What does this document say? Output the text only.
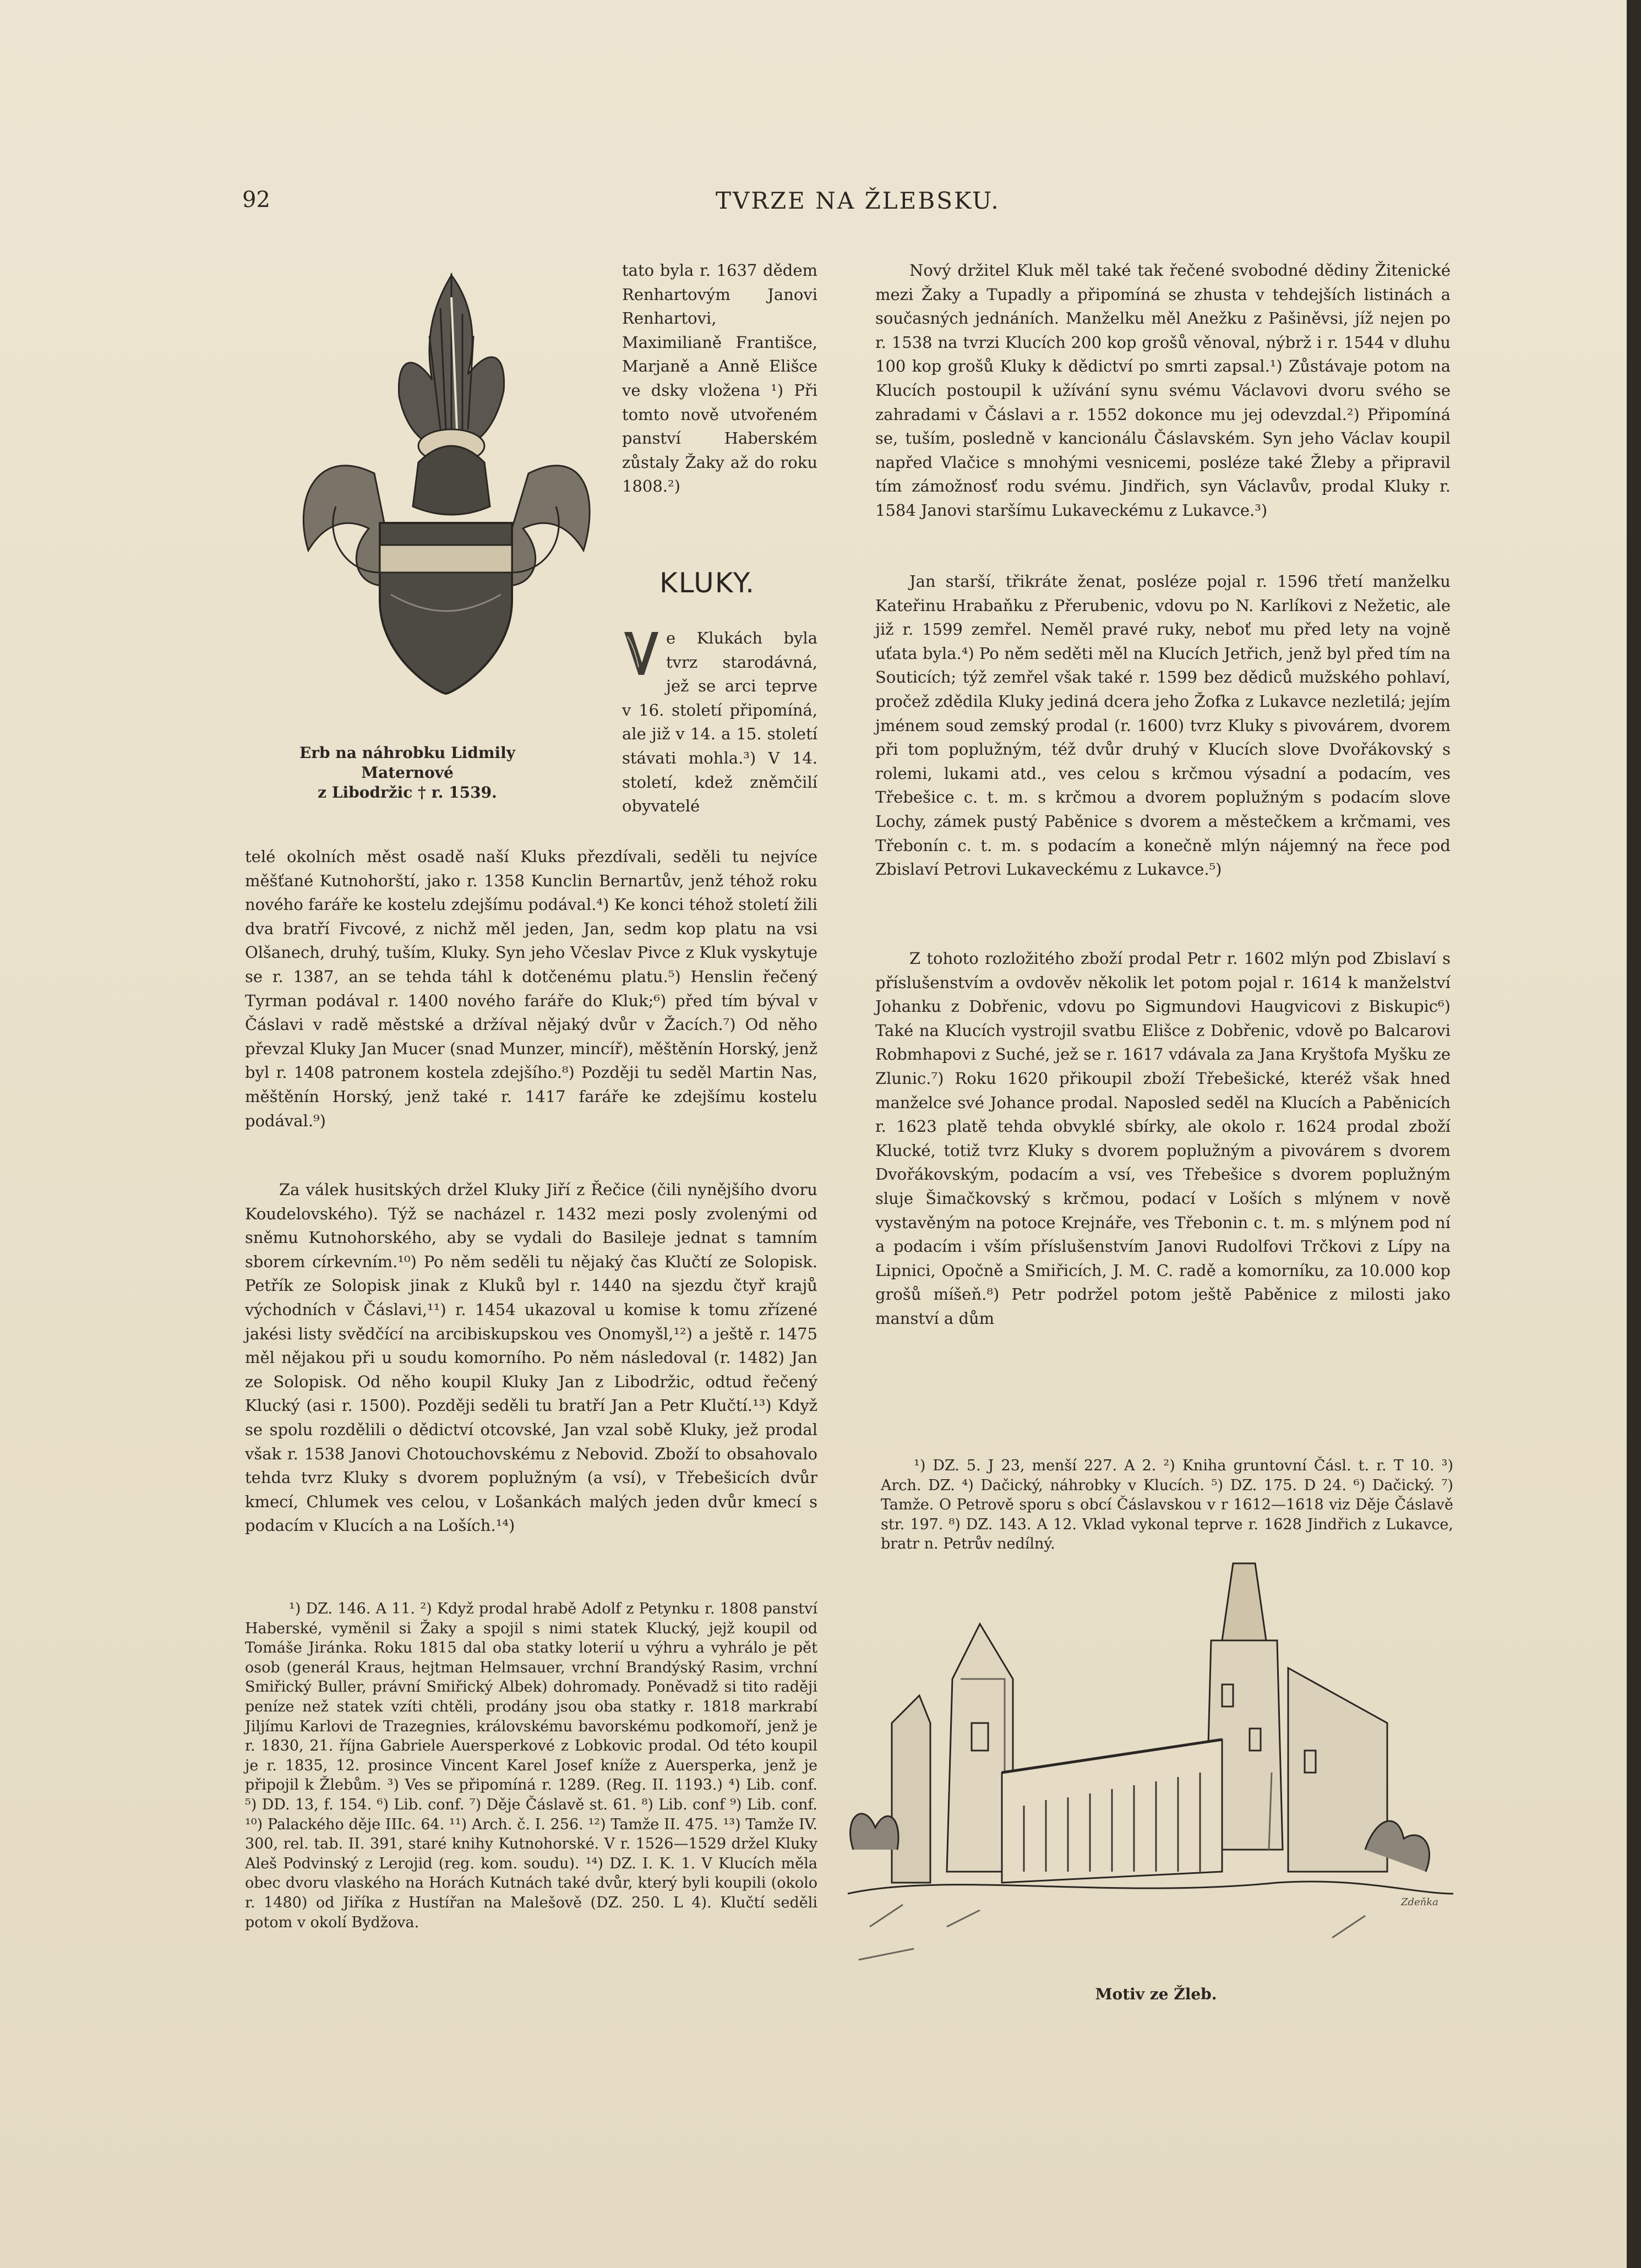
92	TVRZE NA ŽLEBSKU.
Erb na náhrobku Lidmily Maternové
z Libodržic † r. 1539.

tato byla r. 1637 dědem Renhartovým Janovi Renhartovi, Maximilianě Františce, Marjaně a Anně Elišce ve dsky vložena ¹) Při tomto nově utvořeném panství Haberském zůstaly Žaky až do roku 1808.²)

KLUKY.
e Klukách byla tvrz starodávná, jež se arci teprve v 16. století připomíná, ale již v 14. a 15. století stávati mohla.³) V 14. století, kdež zněmčilí obyvatelé

telé okolních měst osadě naší Kluks přezdívali, seděli tu nejvíce měšťané Kutnohorští, jako r. 1358 Kunclin Bernartův, jenž téhož roku nového faráře ke kostelu zdejšímu podával.⁴) Ke konci téhož století žili dva bratří Fivcové, z nichž měl jeden, Jan, sedm kop platu na vsi Olšanech, druhý, tuším, Kluky. Syn jeho Včeslav Pivce z Kluk vyskytuje se r. 1387, an se tehda táhl k dotčenému platu.⁵) Henslin řečený Tyrman podával r. 1400 nového faráře do Kluk;⁶) před tím býval v Čáslavi v radě městské a držíval nějaký dvůr v Žacích.⁷) Od něho převzal Kluky Jan Mucer (snad Munzer, mincíř), měštěnín Horský, jenž byl r. 1408 patronem kostela zdejšího.⁸) Později tu seděl Martin Nas, měštěnín Horský, jenž také r. 1417 faráře ke zdejšímu kostelu podával.⁹)

Za válek husitských držel Kluky Jiří z Řečice (čili nynějšího dvoru Koudelovského). Týž se nacházel r. 1432 mezi posly zvolenými od sněmu Kutnohorského, aby se vydali do Basileje jednat s tamním sborem církevním.¹⁰) Po něm seděli tu nějaký čas Klučtí ze Solopisk. Petřík ze Solopisk jinak z Kluků byl r. 1440 na sjezdu čtyř krajů východních v Čáslavi,¹¹) r. 1454 ukazoval u komise k tomu zřízené jakési listy svědčící na arcibiskupskou ves Onomyšl,¹²) a ještě r. 1475 měl nějakou při u soudu komorního. Po něm následoval (r. 1482) Jan ze Solopisk. Od něho koupil Kluky Jan z Libodržic, odtud řečený Klucký (asi r. 1500). Později seděli tu bratří Jan a Petr Klučtí.¹³) Když se spolu rozdělili o dědictví otcovské, Jan vzal sobě Kluky, jež prodal však r. 1538 Janovi Chotouchovskému z Nebovid. Zboží to obsahovalo tehda tvrz Kluky s dvorem poplužným (a vsí), v Třebešicích dvůr kmecí, Chlumek ves celou, v Lošankách malých jeden dvůr kmecí s podacím v Klucích a na Loších.¹⁴)

¹) DZ. 146. A 11. ²) Když prodal hrabě Adolf z Petynku r. 1808 panství Haberské, vyměnil si Žaky a spojil s nimi statek Klucký, jejž koupil od Tomáše Jiránka. Roku 1815 dal oba statky loterií u výhru a vyhrálo je pět osob (generál Kraus, hejtman Helmsauer, vrchní Brandýský Rasim, vrchní Smiřický Buller, právní Smiřický Albek) dohromady. Poněvadž si tito raději peníze než statek vzíti chtěli, prodány jsou oba statky r. 1818 markrabí Jiljímu Karlovi de Trazegnies, královskému bavorskému podkomoří, jenž je r. 1830, 21. října Gabriele Auersperkové z Lobkovic prodal. Od této koupil je r. 1835, 12. prosince Vincent Karel Josef kníže z Auersperka, jenž je připojil k Žlebům. ³) Ves se připomíná r. 1289. (Reg. II. 1193.) ⁴) Lib. conf. ⁵) DD. 13, f. 154. ⁶) Lib. conf. ⁷) Děje Čáslavě st. 61. ⁸) Lib. conf ⁹) Lib. conf. ¹⁰) Palackého děje IIIc. 64. ¹¹) Arch. č. I. 256. ¹²) Tamže II. 475. ¹³) Tamže IV. 300, rel. tab. II. 391, staré knihy Kutnohorské. V r. 1526—1529 držel Kluky Aleš Podvinský z Lerojid (reg. kom. soudu). ¹⁴) DZ. I. K. 1. V Klucích měla obec dvoru vlaského na Horách Kutnách také dvůr, který byli koupili (okolo r. 1480) od Jiříka z Hustířan na Malešově (DZ. 250. L 4). Klučtí seděli potom v okolí Bydžova.

Nový držitel Kluk měl také tak řečené svobodné dědiny Žitenické mezi Žaky a Tupadly a připomíná se zhusta v tehdejších listinách a současných jednáních. Manželku měl Anežku z Pašiněvsi, jíž nejen po r. 1538 na tvrzi Klucích 200 kop grošů věnoval, nýbrž i r. 1544 v dluhu 100 kop grošů Kluky k dědictví po smrti zapsal.¹) Zůstávaje potom na Klucích postoupil k užívání synu svému Václavovi dvoru svého se zahradami v Čáslavi a r. 1552 dokonce mu jej odevzdal.²) Připomíná se, tuším, posledně v kancionálu Čáslavském. Syn jeho Václav koupil napřed Vlačice s mnohými vesnicemi, posléze také Žleby a připravil tím zámožnosť rodu svému. Jindřich, syn Václavův, prodal Kluky r. 1584 Janovi staršímu Lukaveckému z Lukavce.³)

Jan starší, třikráte ženat, posléze pojal r. 1596 třetí manželku Kateřinu Hrabaňku z Přerubenic, vdovu po N. Karlíkovi z Nežetic, ale již r. 1599 zemřel. Neměl pravé ruky, neboť mu před lety na vojně uťata byla.⁴) Po něm seděti měl na Klucích Jetřich, jenž byl před tím na Souticích; týž zemřel však také r. 1599 bez dědiců mužského pohlaví, pročež zdědila Kluky jediná dcera jeho Žofka z Lukavce nezletilá; jejím jménem soud zemský prodal (r. 1600) tvrz Kluky s pivovárem, dvorem při tom poplužným, též dvůr druhý v Klucích slove Dvořákovský s rolemi, lukami atd., ves celou s krčmou výsadní a podacím, ves Třebešice c. t. m. s krčmou a dvorem poplužným s podacím slove Lochy, zámek pustý Paběnice s dvorem a městečkem a krčmami, ves Třebonín c. t. m. s podacím a konečně mlýn nájemný na řece pod Zbislaví Petrovi Lukaveckému z Lukavce.⁵)

Z tohoto rozložitého zboží prodal Petr r. 1602 mlýn pod Zbislaví s příslušenstvím a ovdověv několik let potom pojal r. 1614 k manželství Johanku z Dobřenic, vdovu po Sigmundovi Haugvicovi z Biskupic⁶) Také na Klucích vystrojil svatbu Elišce z Dobřenic, vdově po Balcarovi Robmhapovi z Suché, jež se r. 1617 vdávala za Jana Kryštofa Myšku ze Zlunic.⁷) Roku 1620 přikoupil zboží Třebešické, kteréž však hned manželce své Johance prodal. Naposled seděl na Klucích a Paběnicích r. 1623 platě tehda obvyklé sbírky, ale okolo r. 1624 prodal zboží Klucké, totiž tvrz Kluky s dvorem poplužným a pivovárem s dvorem Dvořákovským, podacím a vsí, ves Třebešice s dvorem poplužným sluje Šimačkovský s krčmou, podací v Loších s mlýnem v nově vystavěným na potoce Krejnáře, ves Třebonin c. t. m. s mlýnem pod ní a podacím i vším příslušenstvím Janovi Rudolfovi Trčkovi z Lípy na Lipnici, Opočně a Smiřicích, J. M. C. radě a komorníku, za 10.000 kop grošů míšeň.⁸) Petr podržel potom ještě Paběnice z milosti jako manství a dům

¹) DZ. 5. J 23, menší 227. A 2. ²) Kniha gruntovní Čásl. t. r. T 10. ³) Arch. DZ. ⁴) Dačický, náhrobky v Klucích. ⁵) DZ. 175. D 24. ⁶) Dačický. ⁷) Tamže. O Petrově sporu s obcí Čáslavskou v r 1612—1618 viz Děje Čáslavě str. 197. ⁸) DZ. 143. A 12. Vklad vykonal teprve r. 1628 Jindřich z Lukavce, bratr n. Petrův nedílný.

Motiv ze Žleb.
Zdeňka
